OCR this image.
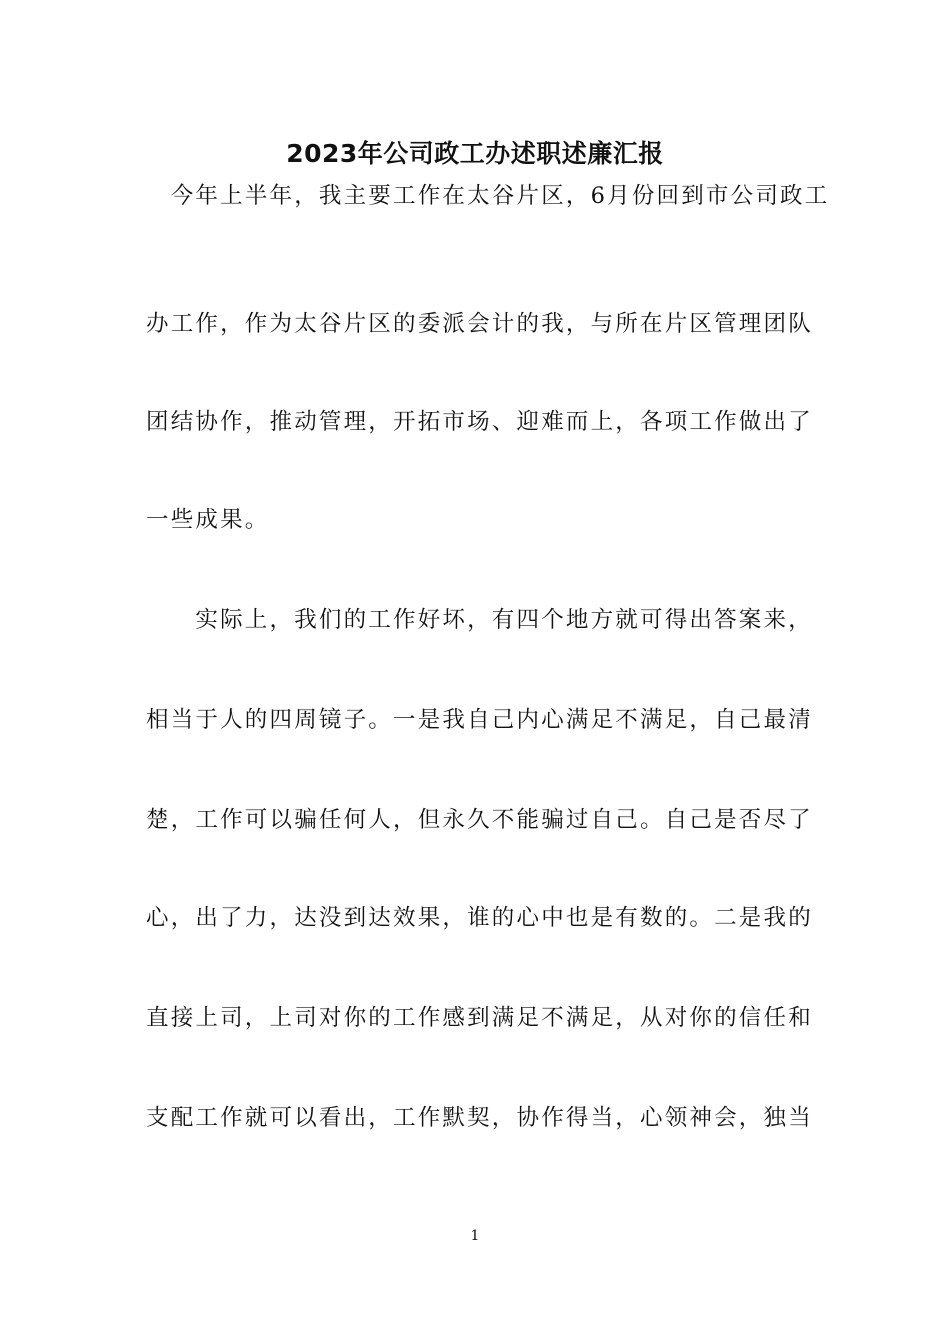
2023年公司政工办述职述廉汇报

　今年上半年，我主要工作在太谷片区，6月份回到市公司政工

办工作，作为太谷片区的委派会计的我，与所在片区管理团队

团结协作，推动管理，开拓市场、迎难而上，各项工作做出了

一些成果。

　　实际上，我们的工作好坏，有四个地方就可得出答案来，

相当于人的四周镜子。一是我自己内心满足不满足，自己最清

楚，工作可以骗任何人，但永久不能骗过自己。自己是否尽了

心，出了力，达没到达效果，谁的心中也是有数的。二是我的

直接上司，上司对你的工作感到满足不满足，从对你的信任和

支配工作就可以看出，工作默契，协作得当，心领神会，独当

1
